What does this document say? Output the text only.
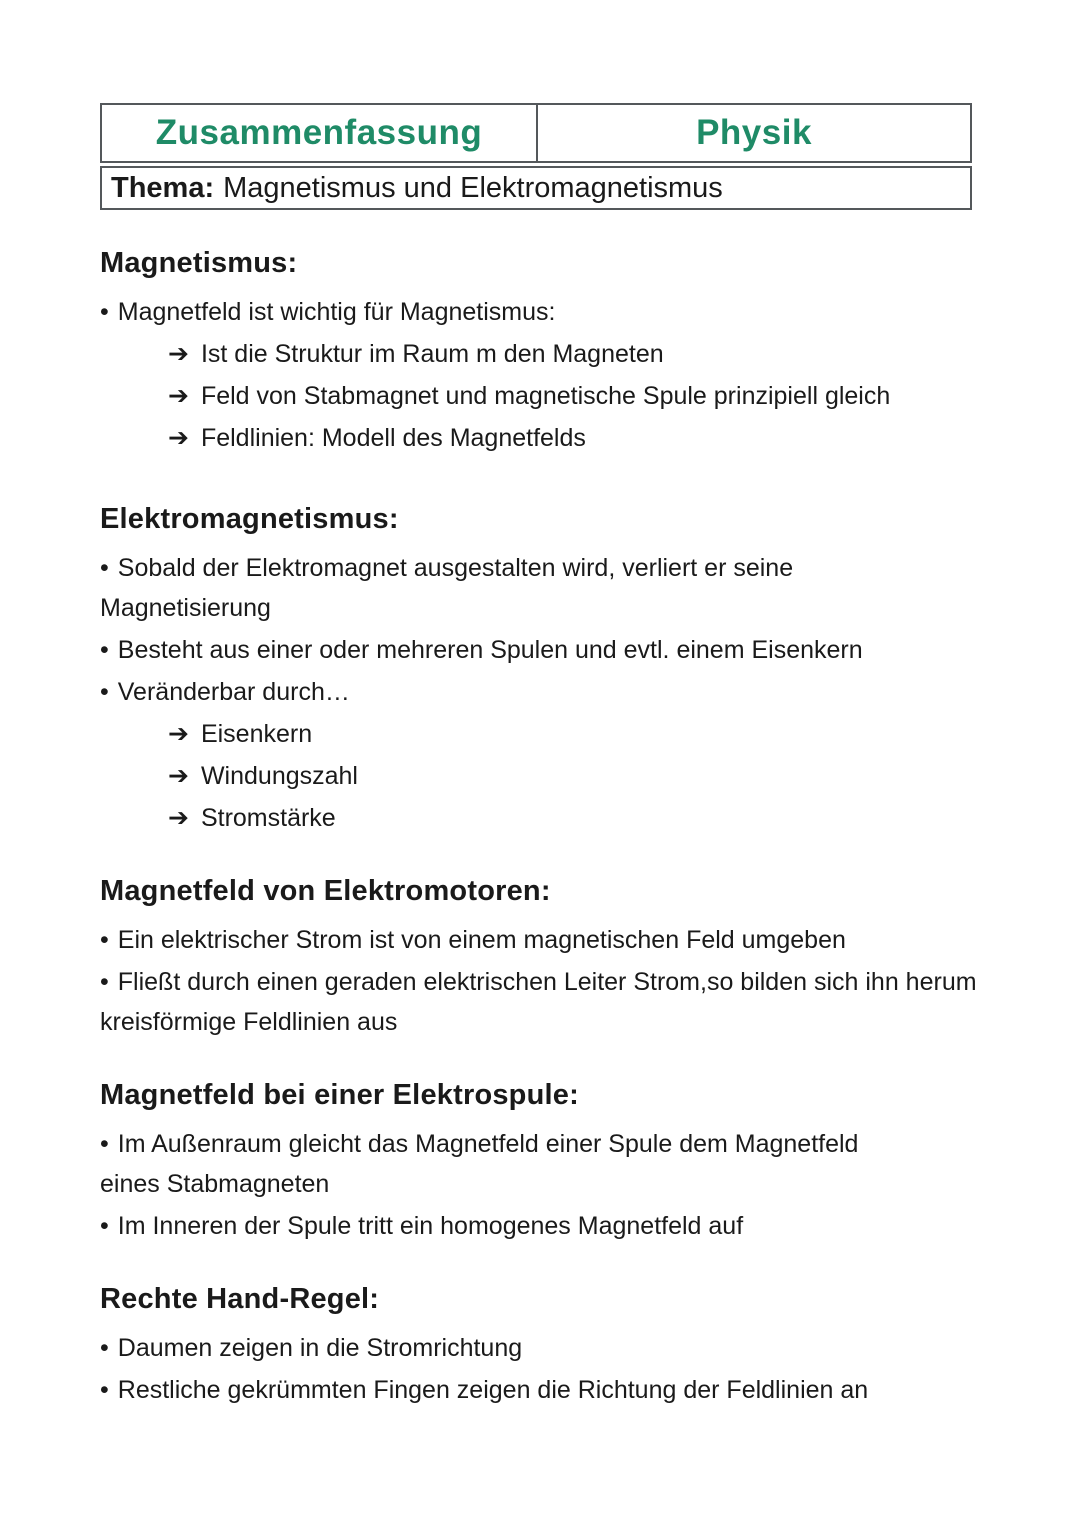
Zusammenfassung	Physik
Thema: Magnetismus und Elektromagnetismus
Magnetismus:
• Magnetfeld ist wichtig für Magnetismus:
➔ Ist die Struktur im Raum m den Magneten
➔ Feld von Stabmagnet und magnetische Spule prinzipiell gleich
➔ Feldlinien: Modell des Magnetfelds
Elektromagnetismus:
• Sobald der Elektromagnet ausgestalten wird, verliert er seine Magnetisierung
• Besteht aus einer oder mehreren Spulen und evtl. einem Eisenkern
• Veränderbar durch…
➔ Eisenkern
➔ Windungszahl
➔ Stromstärke
Magnetfeld von Elektromotoren:
• Ein elektrischer Strom ist von einem magnetischen Feld umgeben
• Fließt durch einen geraden elektrischen Leiter Strom,so bilden sich ihn herum kreisförmige Feldlinien aus
Magnetfeld bei einer Elektrospule:
• Im Außenraum gleicht das Magnetfeld einer Spule dem Magnetfeld eines Stabmagneten
• Im Inneren der Spule tritt ein homogenes Magnetfeld auf
Rechte Hand-Regel:
• Daumen zeigen in die Stromrichtung
• Restliche gekrümmten Fingen zeigen die Richtung der Feldlinien an
